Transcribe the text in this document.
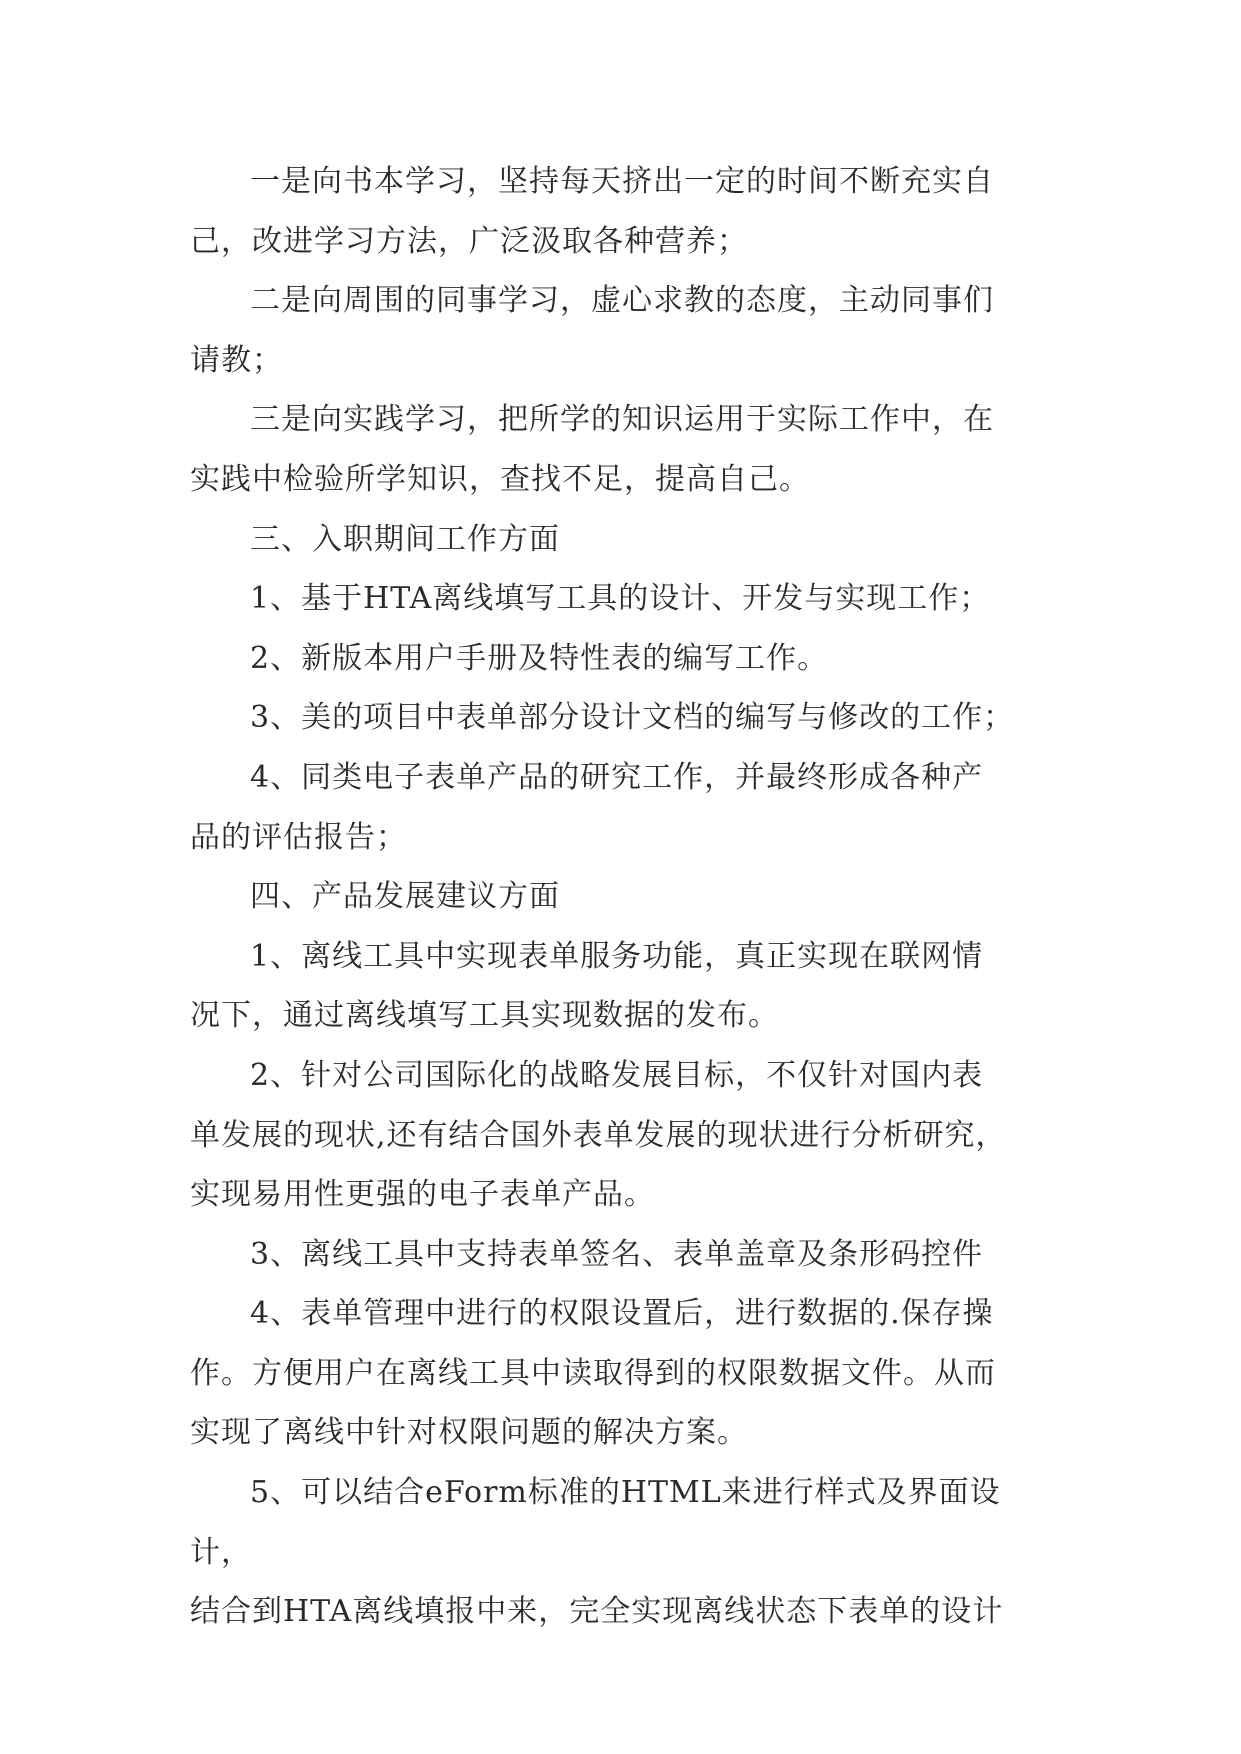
一是向书本学习，坚持每天挤出一定的时间不断充实自
己，改进学习方法，广泛汲取各种营养；
二是向周围的同事学习，虚心求教的态度，主动同事们
请教；
三是向实践学习，把所学的知识运用于实际工作中，在
实践中检验所学知识，查找不足，提高自己。
三、入职期间工作方面
1、基于HTA离线填写工具的设计、开发与实现工作；
2、新版本用户手册及特性表的编写工作。
3、美的项目中表单部分设计文档的编写与修改的工作；
4、同类电子表单产品的研究工作，并最终形成各种产
品的评估报告；
四、产品发展建议方面
1、离线工具中实现表单服务功能，真正实现在联网情
况下，通过离线填写工具实现数据的发布。
2、针对公司国际化的战略发展目标，不仅针对国内表
单发展的现状,还有结合国外表单发展的现状进行分析研究，
实现易用性更强的电子表单产品。
3、离线工具中支持表单签名、表单盖章及条形码控件
4、表单管理中进行的权限设置后，进行数据的.保存操
作。方便用户在离线工具中读取得到的权限数据文件。从而
实现了离线中针对权限问题的解决方案。
5、可以结合eForm标准的HTML来进行样式及界面设计，
结合到HTA离线填报中来，完全实现离线状态下表单的设计
